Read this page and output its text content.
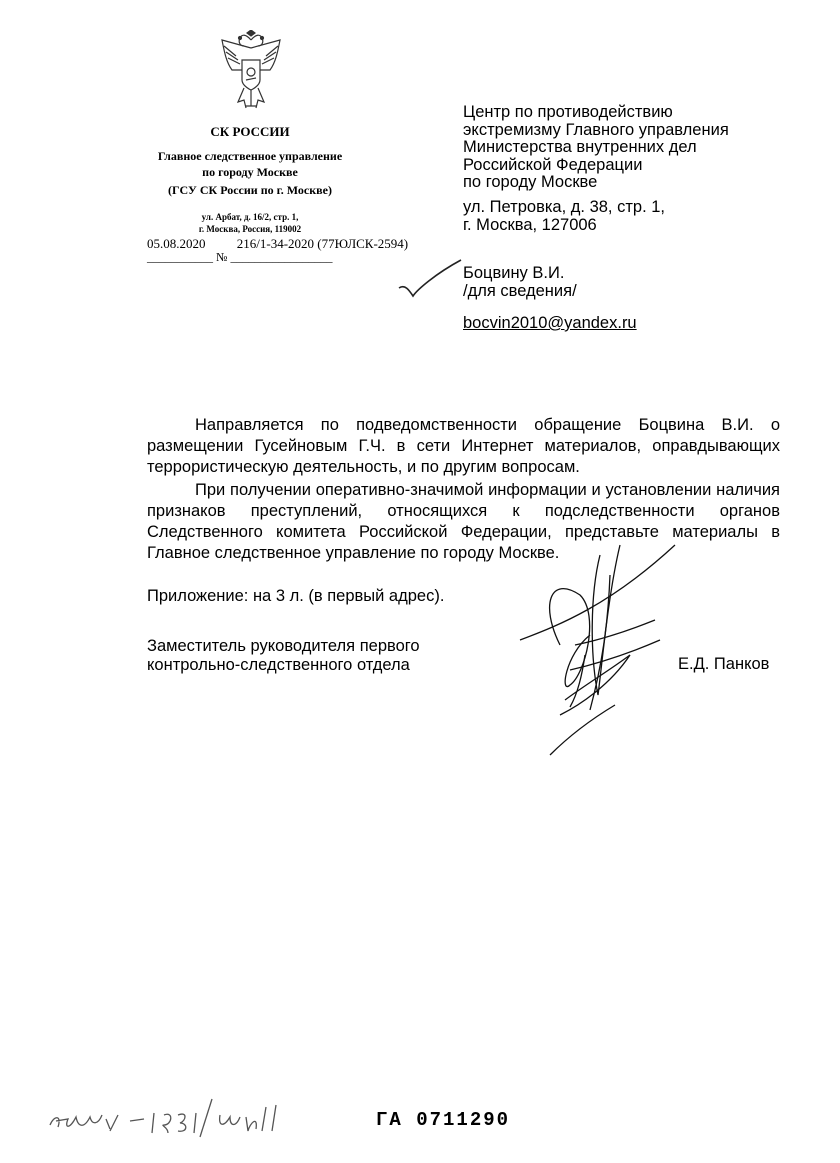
СК РОССИИ
Главное следственное управление
по городу Москве
(ГСУ СК России по г. Москве)
ул. Арбат, д. 16/2, стр. 1,
г. Москва, Россия, 119002
05.08.2020 216/1-34-2020 (77ЮЛСК-2594)
___________ № _________________
Центр по противодействию
экстремизму Главного управления
Министерства внутренних дел
Российской Федерации
по городу Москве
ул. Петровка, д. 38, стр. 1,
г. Москва, 127006
Боцвину В.И.
/для сведения/
bocvin2010@yandex.ru

Направляется по подведомственности обращение Боцвина В.И. о размещении Гусейновым Г.Ч. в сети Интернет материалов, оправдывающих террористическую деятельность, и по другим вопросам.

При получении оперативно-значимой информации и установлении наличия признаков преступлений, относящихся к подследственности органов Следственного комитета Российской Федерации, представьте материалы в Главное следственное управление по городу Москве.

Приложение: на 3 л. (в первый адрес).
Заместитель руководителя первого
контрольно-следственного отдела	Е.Д. Панков
ГА 0711290
